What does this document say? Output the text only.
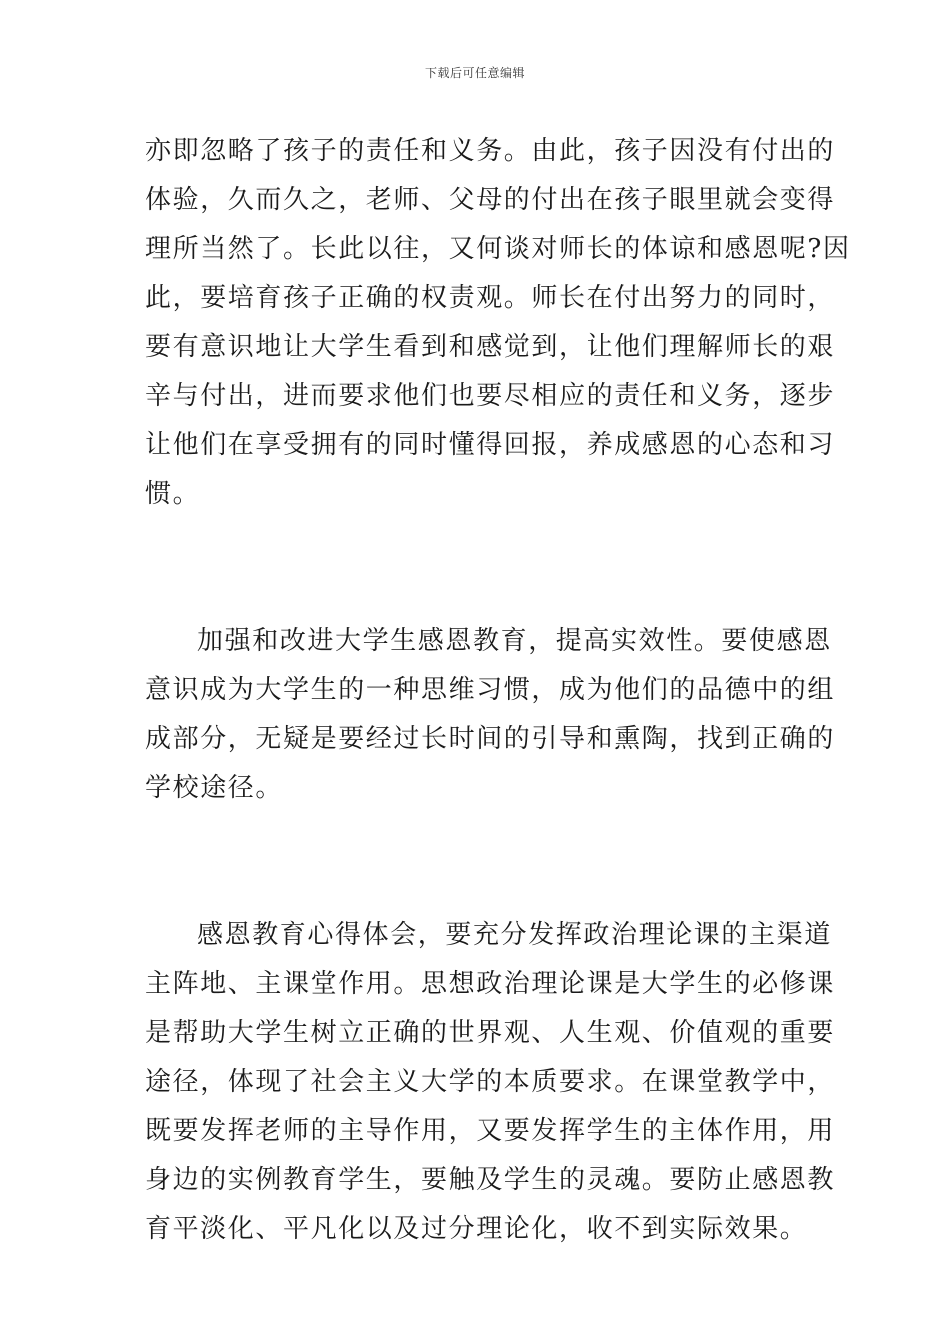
下载后可任意编辑
亦即忽略了孩子的责任和义务。由此，孩子因没有付出的
体验，久而久之，老师、父母的付出在孩子眼里就会变得
理所当然了。长此以往，又何谈对师长的体谅和感恩呢?因
此，要培育孩子正确的权责观。师长在付出努力的同时，
要有意识地让大学生看到和感觉到，让他们理解师长的艰
辛与付出，进而要求他们也要尽相应的责任和义务，逐步
让他们在享受拥有的同时懂得回报，养成感恩的心态和习
惯。
加强和改进大学生感恩教育，提高实效性。要使感恩
意识成为大学生的一种思维习惯，成为他们的品德中的组
成部分，无疑是要经过长时间的引导和熏陶，找到正确的
学校途径。
感恩教育心得体会，要充分发挥政治理论课的主渠道
主阵地、主课堂作用。思想政治理论课是大学生的必修课
是帮助大学生树立正确的世界观、人生观、价值观的重要
途径，体现了社会主义大学的本质要求。在课堂教学中，
既要发挥老师的主导作用，又要发挥学生的主体作用，用
身边的实例教育学生，要触及学生的灵魂。要防止感恩教
育平淡化、平凡化以及过分理论化，收不到实际效果。
